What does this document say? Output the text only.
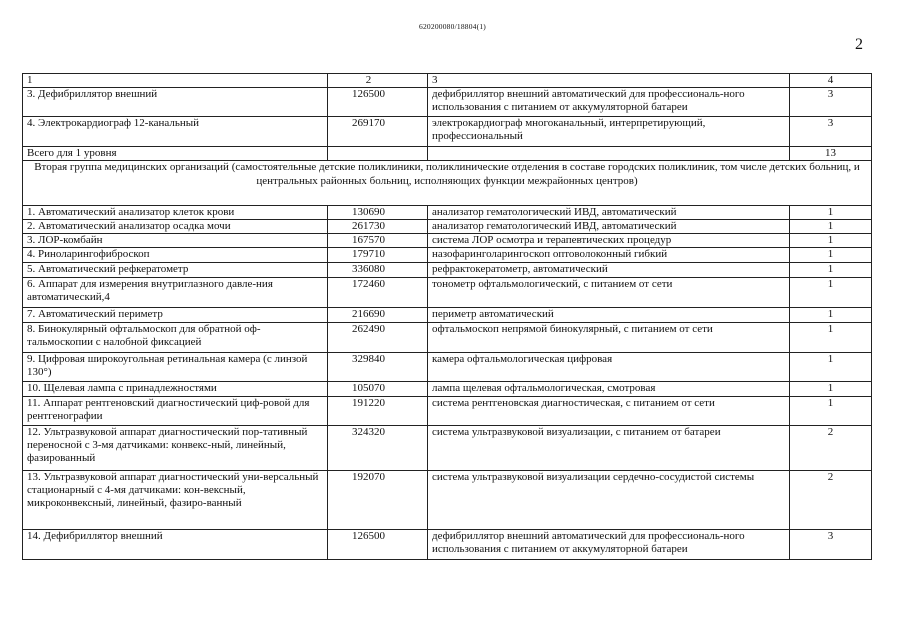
620200080/18804(1)
2
1	2	3	4
3. Дефибриллятор внешний	126500	дефибриллятор внешний автоматический для профессиональ-ного использования с питанием от аккумуляторной батареи	3
4. Электрокардиограф 12-канальный	269170	электрокардиограф многоканальный, интерпретирующий, профессиональный	3
Всего для 1 уровня			13
Вторая группа медицинских организаций (самостоятельные детские поликлиники, поликлинические отделения в составе городских поликлиник, том числе детских больниц, и центральных районных больниц, исполняющих функции межрайонных центров)			
1. Автоматический анализатор клеток крови	130690	анализатор гематологический ИВД, автоматический	1
2. Автоматический анализатор осадка мочи	261730	анализатор гематологический ИВД, автоматический	1
3. ЛОР-комбайн	167570	система ЛОР осмотра и терапевтических процедур	1
4. Риноларингофиброскоп	179710	назофаринголарингоскоп оптоволоконный гибкий	1
5. Автоматический рефкератометр	336080	рефрактокератометр, автоматический	1
6. Аппарат для измерения внутриглазного давле-ния автоматический,4	172460	тонометр офтальмологический, с питанием от сети	1
7. Автоматический периметр	216690	периметр автоматический	1
8. Бинокулярный офтальмоскоп для обратной оф-тальмоскопии с налобной фиксацией	262490	офтальмоскоп непрямой бинокулярный, с питанием от сети	1
9. Цифровая широкоугольная ретинальная камера (с линзой 130°)	329840	камера офтальмологическая цифровая	1
10. Щелевая лампа с принадлежностями	105070	лампа щелевая офтальмологическая, смотровая	1
11. Аппарат рентгеновский диагностический циф-ровой для рентгенографии	191220	система рентгеновская диагностическая, с питанием от сети	1
12. Ультразвуковой аппарат диагностический пор-тативный переносной с 3-мя датчиками: конвекс-ный, линейный, фазированный	324320	система ультразвуковой визуализации, с питанием от батареи	2
13. Ультразвуковой аппарат диагностический уни-версальный стационарный с 4-мя датчиками: кон-вексный, микроконвексный, линейный, фазиро-ванный	192070	система ультразвуковой визуализации сердечно-сосудистой системы	2
14. Дефибриллятор внешний	126500	дефибриллятор внешний автоматический для профессиональ-ного использования с питанием от аккумуляторной батареи	3
